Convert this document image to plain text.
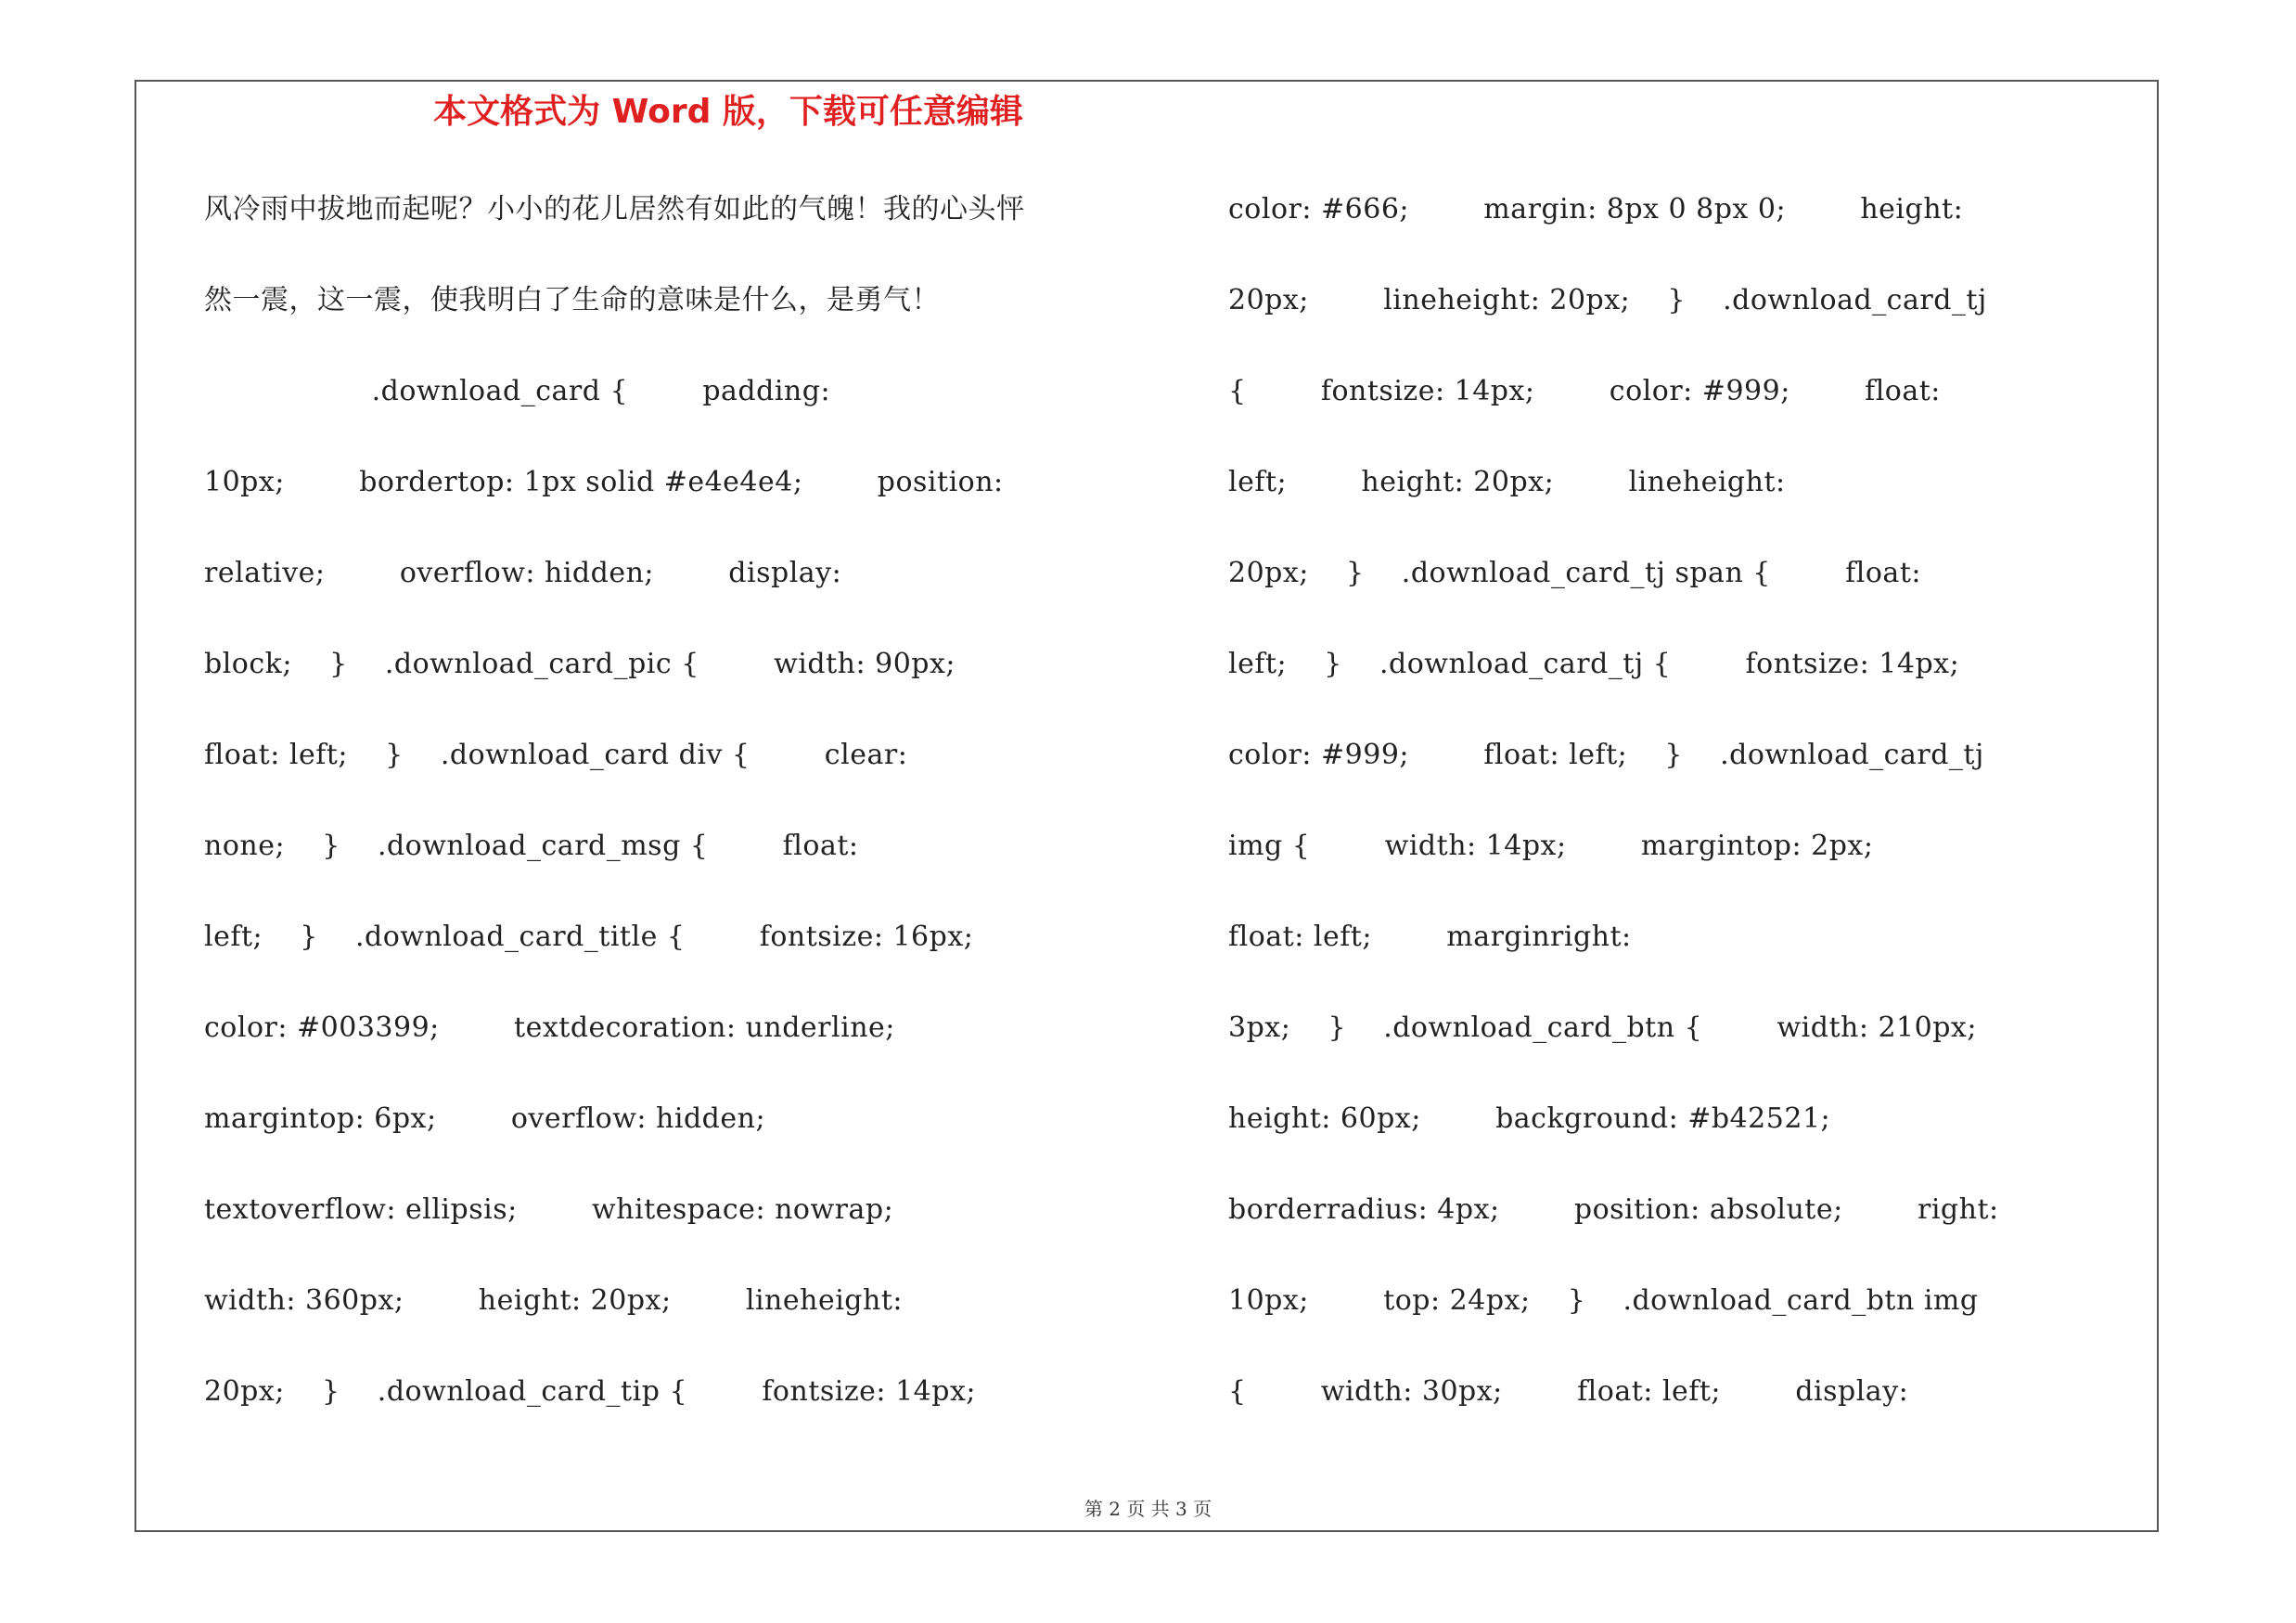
本文格式为 Word 版，下载可任意编辑
风冷雨中拔地而起呢？小小的花儿居然有如此的气魄！我的心头怦
然一震，这一震，使我明白了生命的意味是什么，是勇气！
.download_card {        padding:
10px;        bordertop: 1px solid #e4e4e4;        position:
relative;        overflow: hidden;        display:
block;    }    .download_card_pic {        width: 90px;
float: left;    }    .download_card div {        clear:
none;    }    .download_card_msg {        float:
left;    }    .download_card_title {        fontsize: 16px;
color: #003399;        textdecoration: underline;
margintop: 6px;        overflow: hidden;
textoverflow: ellipsis;        whitespace: nowrap;
width: 360px;        height: 20px;        lineheight:
20px;    }    .download_card_tip {        fontsize: 14px;
color: #666;        margin: 8px 0 8px 0;        height:
20px;        lineheight: 20px;    }    .download_card_tj
{        fontsize: 14px;        color: #999;        float:
left;        height: 20px;        lineheight:
20px;    }    .download_card_tj span {        float:
left;    }    .download_card_tj {        fontsize: 14px;
color: #999;        float: left;    }    .download_card_tj
img {        width: 14px;        margintop: 2px;
float: left;        marginright:
3px;    }    .download_card_btn {        width: 210px;
height: 60px;        background: #b42521;
borderradius: 4px;        position: absolute;        right:
10px;        top: 24px;    }    .download_card_btn img
{        width: 30px;        float: left;        display:
第 2 页 共 3 页
